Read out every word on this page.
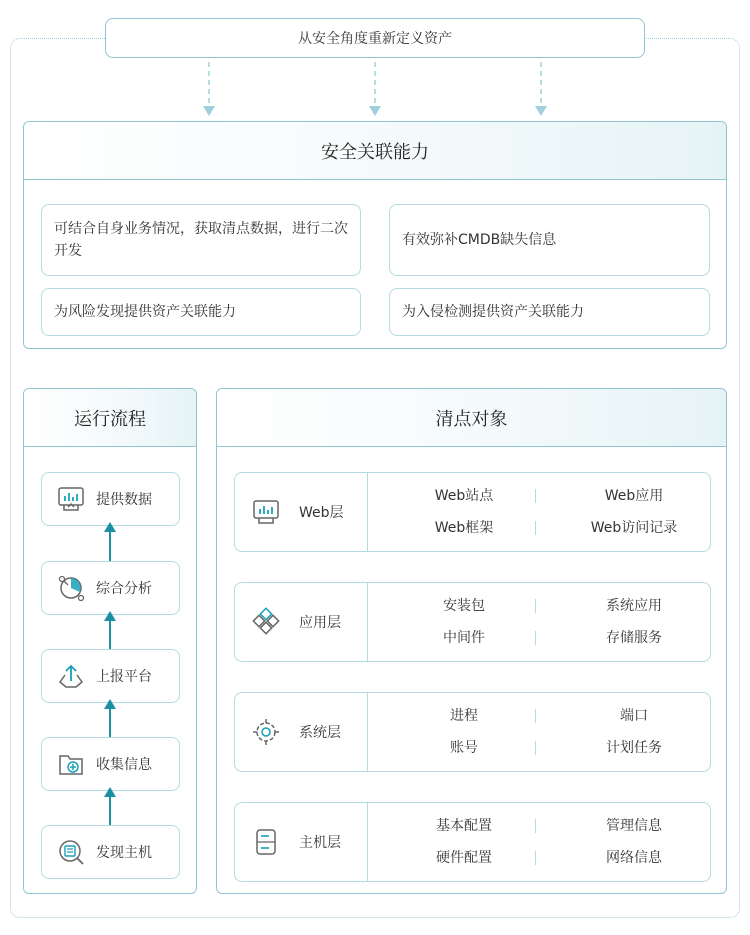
从安全角度重新定义资产
安全关联能力
可结合自身业务情况，获取清点数据，进行二次开发
有效弥补CMDB缺失信息
为风险发现提供资产关联能力	为入侵检测提供资产关联能力
运行流程
提供数据
综合分析
上报平台
收集信息
发现主机
清点对象
Web层
Web站点	Web应用
Web框架	Web访问记录
应用层
安装包	系统应用
中间件	存储服务
系统层
进程	端口
账号	计划任务
主机层
基本配置	管理信息
硬件配置	网络信息
